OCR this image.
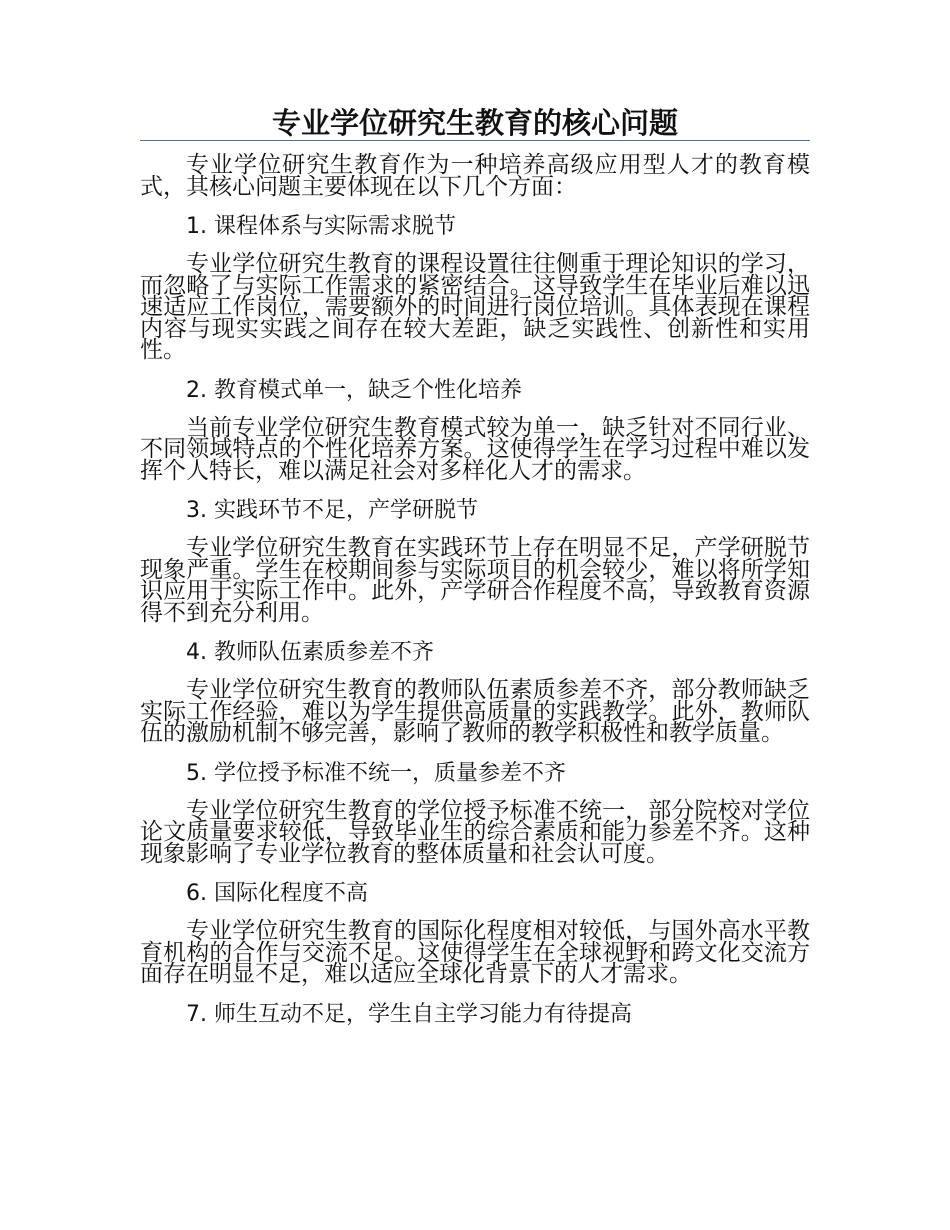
专业学位研究生教育的核心问题

专业学位研究生教育作为一种培养高级应用型人才的教育模式，其核心问题主要体现在以下几个方面：

1. 课程体系与实际需求脱节

专业学位研究生教育的课程设置往往侧重于理论知识的学习，而忽略了与实际工作需求的紧密结合。这导致学生在毕业后难以迅速适应工作岗位，需要额外的时间进行岗位培训。具体表现在课程内容与现实实践之间存在较大差距，缺乏实践性、创新性和实用性。

2. 教育模式单一，缺乏个性化培养

当前专业学位研究生教育模式较为单一，缺乏针对不同行业、不同领域特点的个性化培养方案。这使得学生在学习过程中难以发挥个人特长，难以满足社会对多样化人才的需求。

3. 实践环节不足，产学研脱节

专业学位研究生教育在实践环节上存在明显不足，产学研脱节现象严重。学生在校期间参与实际项目的机会较少，难以将所学知识应用于实际工作中。此外，产学研合作程度不高，导致教育资源得不到充分利用。

4. 教师队伍素质参差不齐

专业学位研究生教育的教师队伍素质参差不齐，部分教师缺乏实际工作经验，难以为学生提供高质量的实践教学。此外，教师队伍的激励机制不够完善，影响了教师的教学积极性和教学质量。

5. 学位授予标准不统一，质量参差不齐

专业学位研究生教育的学位授予标准不统一，部分院校对学位论文质量要求较低，导致毕业生的综合素质和能力参差不齐。这种现象影响了专业学位教育的整体质量和社会认可度。

6. 国际化程度不高

专业学位研究生教育的国际化程度相对较低，与国外高水平教育机构的合作与交流不足。这使得学生在全球视野和跨文化交流方面存在明显不足，难以适应全球化背景下的人才需求。

7. 师生互动不足，学生自主学习能力有待提高
